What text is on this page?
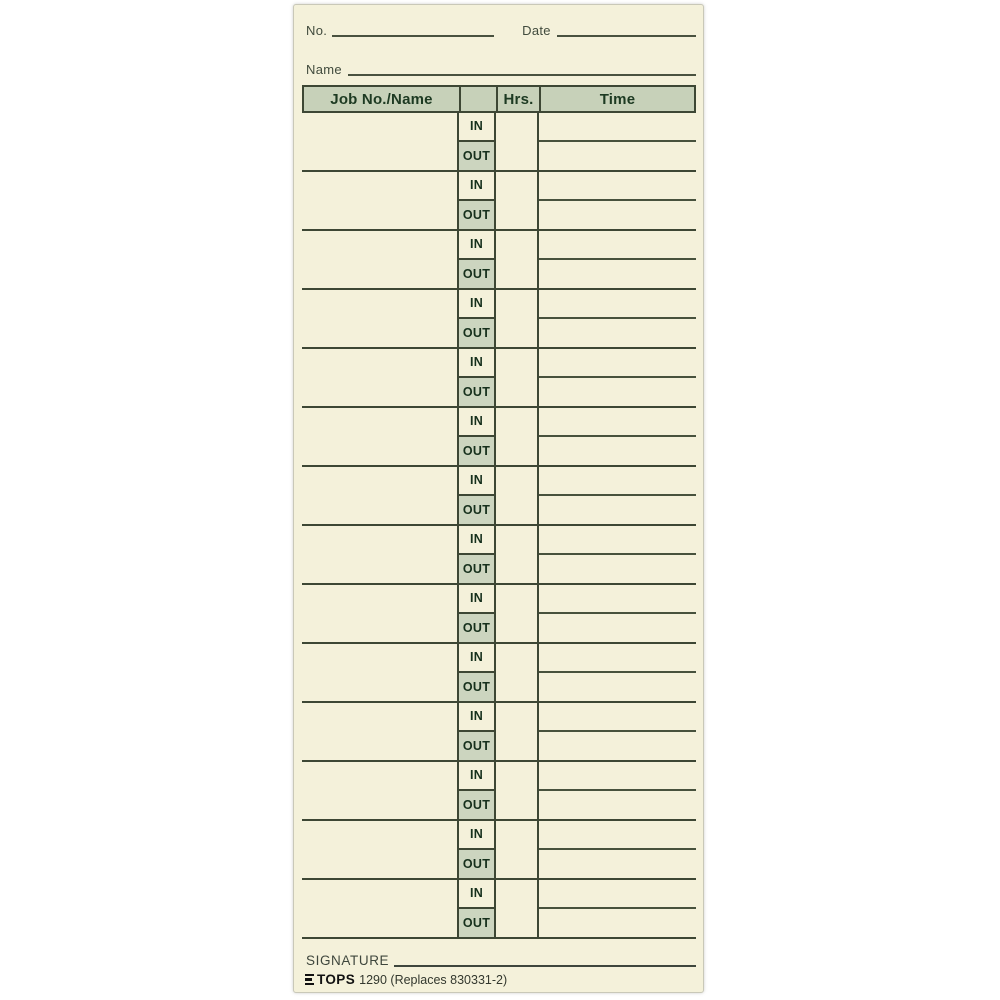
No.	Date
Name
Job No./Name	Hrs.	Time
IN
OUT
IN
OUT
IN
OUT
IN
OUT
IN
OUT
IN
OUT
IN
OUT
IN
OUT
IN
OUT
IN
OUT
IN
OUT
IN
OUT
IN
OUT
IN
OUT
SIGNATURE
TOPS 1290 (Replaces 830331-2)
